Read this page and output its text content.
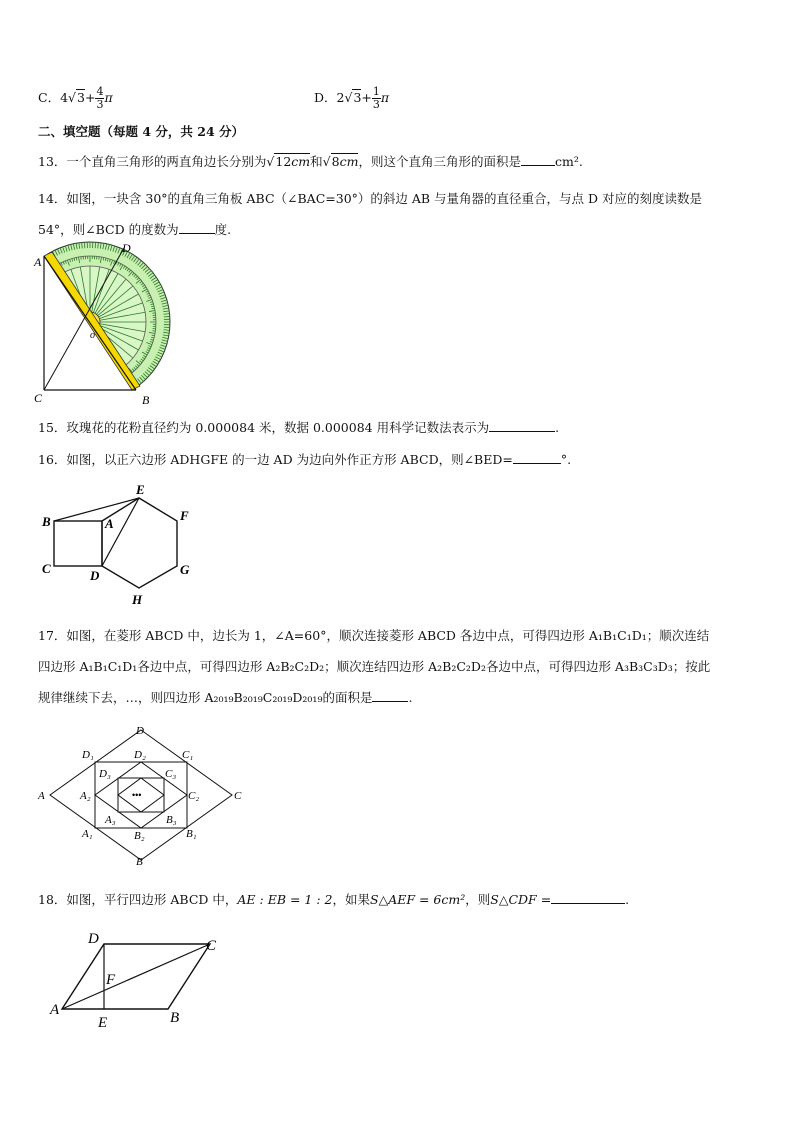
C．$4√3+ \frac{4}{3}$ π	D．$2√3+ \frac{1}{3}$ π
二、填空题（每题 4 分，共 24 分）
13．一个直角三角形的两直角边长分别为√12cm和√8cm，则这个直角三角形的面积是	cm².
14．如图，一块含 30°的直角三角板 ABC（∠BAC=30°）的斜边 AB 与量角器的直径重合，与点 D 对应的刻度读数是
54°，则∠BCD 的度数为	度.
A
B
C
D
o
15．玫瑰花的花粉直径约为 0.000084 米，数据 0.000084 用科学记数法表示为	.
16．如图，以正六边形 ADHGFE 的一边 AD 为边向外作正方形 ABCD，则∠BED=	°.
B	A
C	D
E
F
G
H
17．如图，在菱形 ABCD 中，边长为 1，∠A=60°，顺次连接菱形 ABCD 各边中点，可得四边形 A₁B₁C₁D₁；顺次连结
四边形 A₁B₁C₁D₁各边中点，可得四边形 A₂B₂C₂D₂；顺次连结四边形 A₂B₂C₂D₂各边中点，可得四边形 A₃B₃C₃D₃；按此
规律继续下去，…，则四边形 A₂₀₁₉B₂₀₁₉C₂₀₁₉D₂₀₁₉的面积是	.
D
B
A	C
D₁	C₁
A₁	B₁
D₂
B₂
A₂	C₂
D₃	C₃
A₃	B₃
•••
18．如图，平行四边形 ABCD 中，AE : EB = 1 : 2，如果S△AEF = 6cm²，则S△CDF =	.
A	B
C
D
E
F
